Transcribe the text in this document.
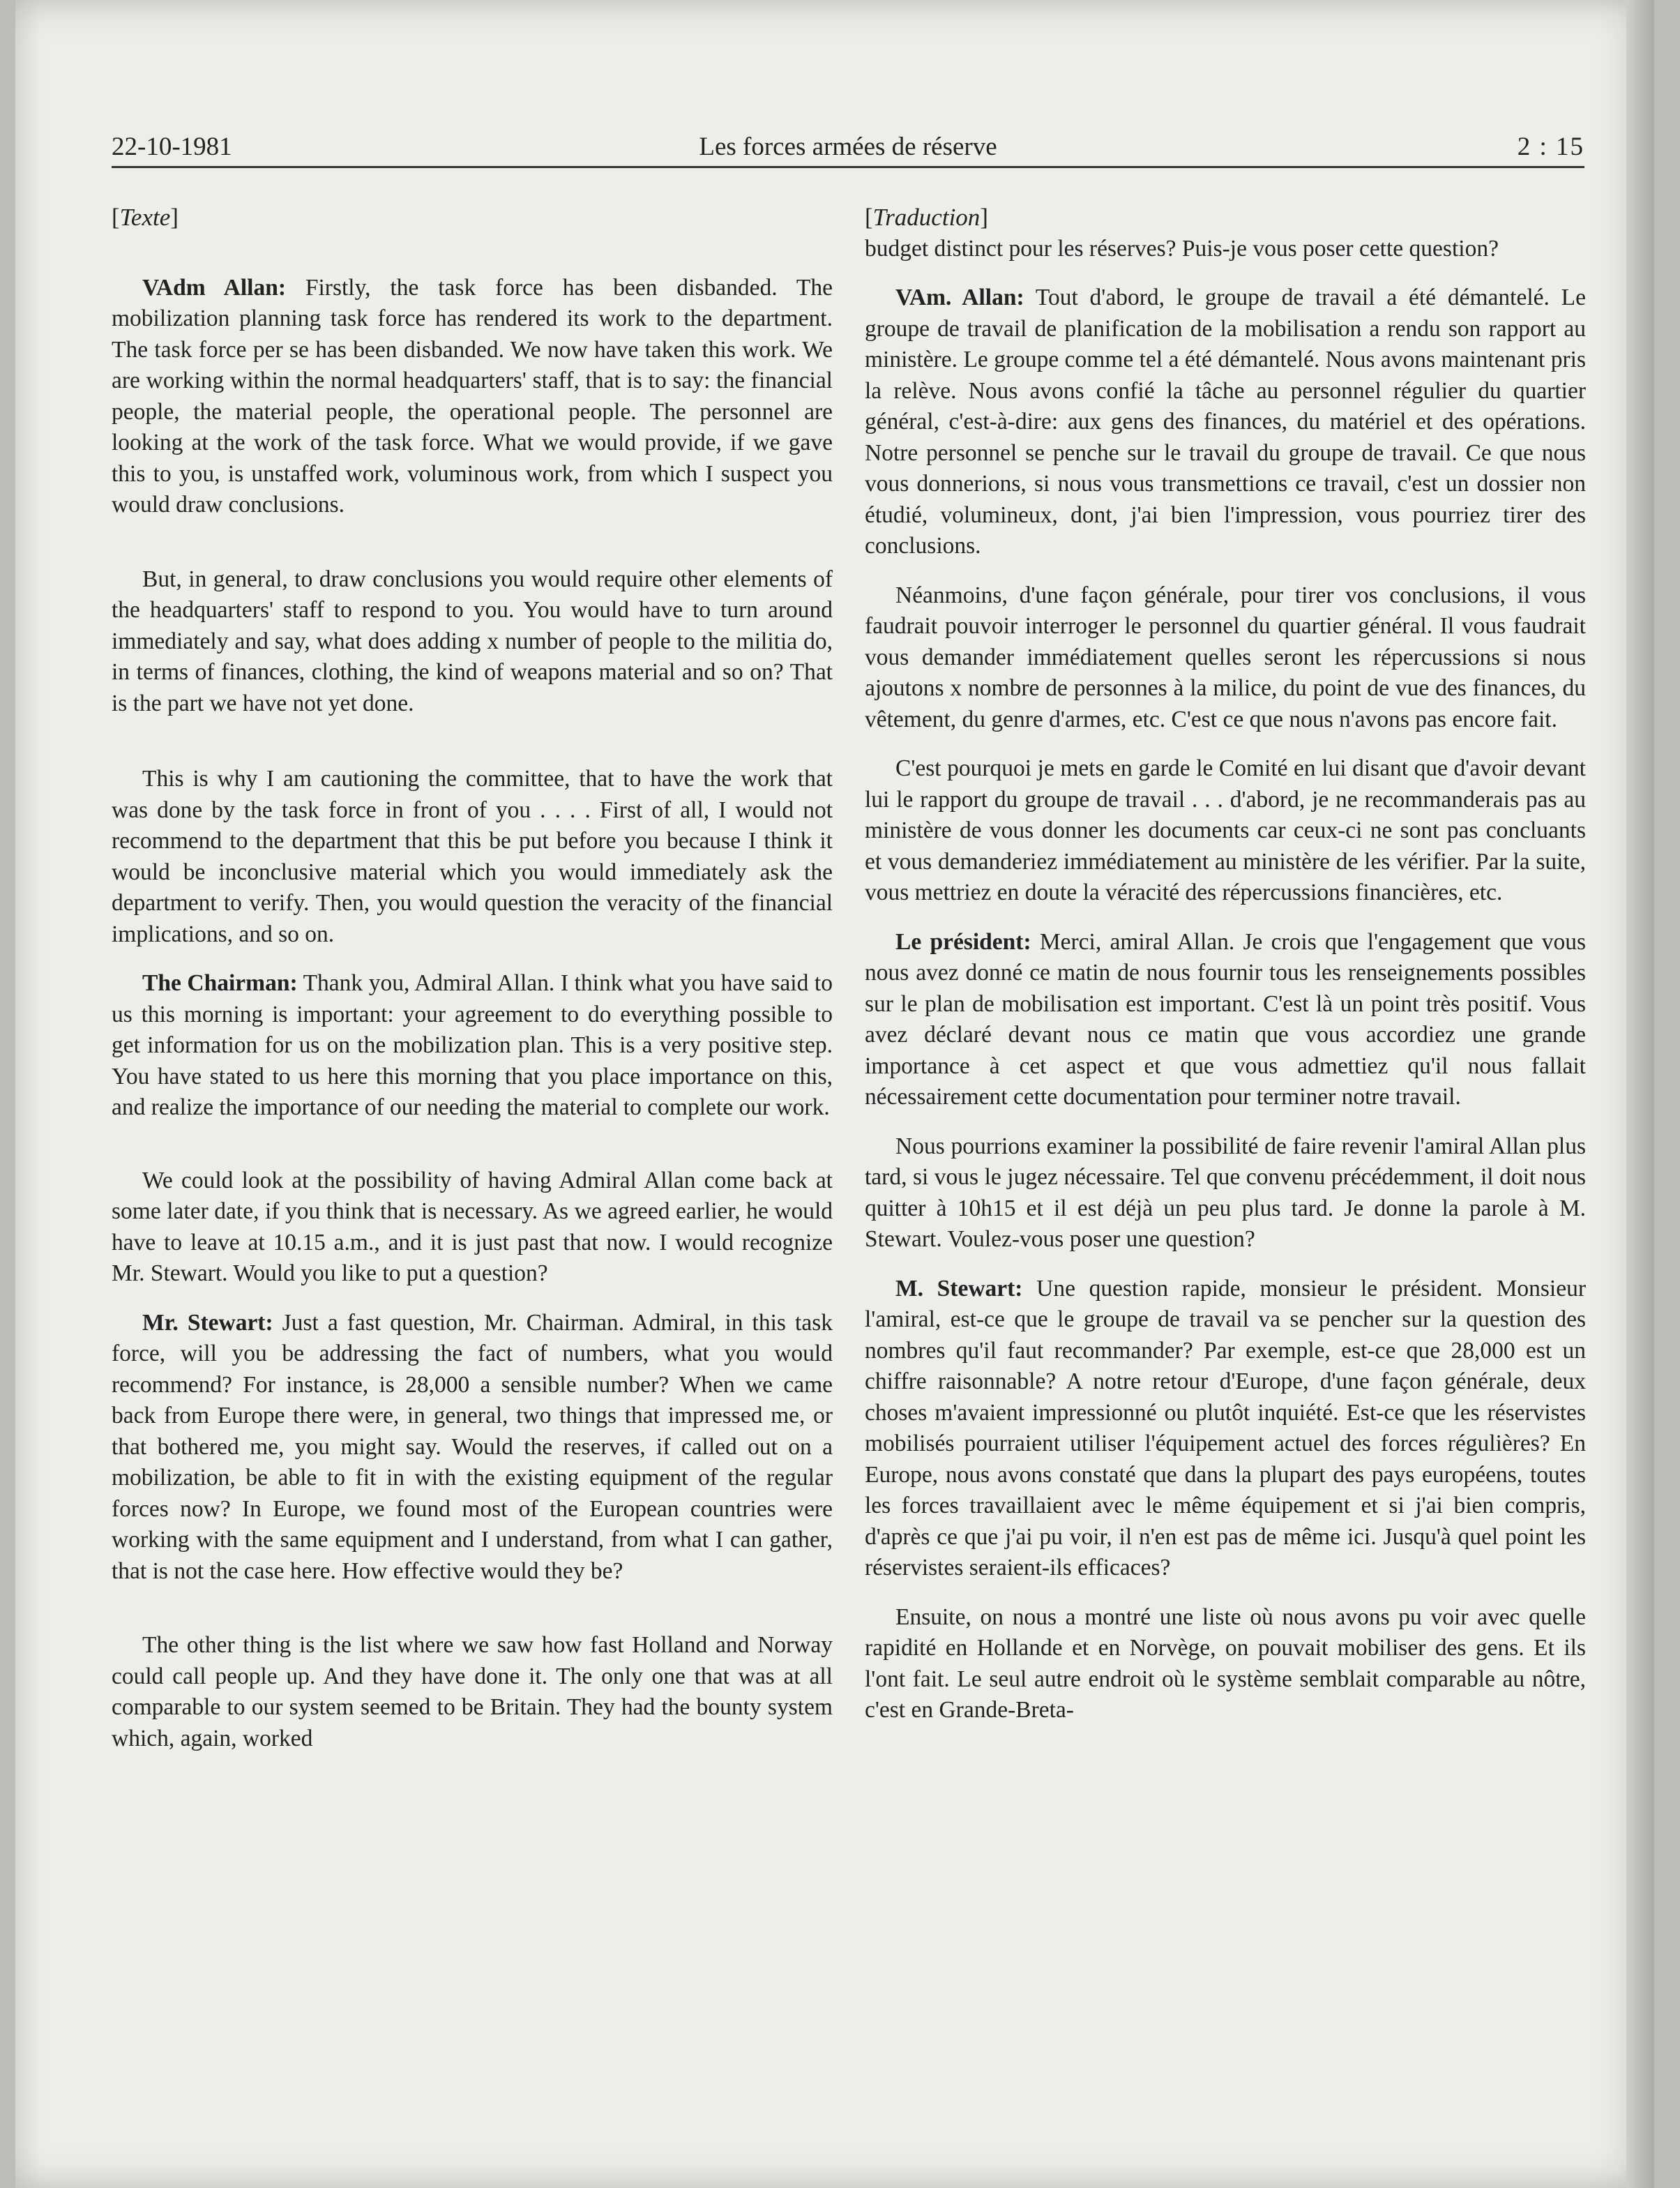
22-10-1981	Les forces armées de réserve	2 : 15
[Texte]

VAdm Allan: Firstly, the task force has been disbanded. The mobilization planning task force has rendered its work to the department. The task force per se has been disbanded. We now have taken this work. We are working within the normal headquarters' staff, that is to say: the financial people, the material people, the operational people. The personnel are looking at the work of the task force. What we would provide, if we gave this to you, is unstaffed work, voluminous work, from which I suspect you would draw conclusions.

But, in general, to draw conclusions you would require other elements of the headquarters' staff to respond to you. You would have to turn around immediately and say, what does adding x number of people to the militia do, in terms of finances, clothing, the kind of weapons material and so on? That is the part we have not yet done.

This is why I am cautioning the committee, that to have the work that was done by the task force in front of you . . . . First of all, I would not recommend to the department that this be put before you because I think it would be inconclusive material which you would immediately ask the department to verify. Then, you would question the veracity of the financial implications, and so on.

The Chairman: Thank you, Admiral Allan. I think what you have said to us this morning is important: your agreement to do everything possible to get information for us on the mobilization plan. This is a very positive step. You have stated to us here this morning that you place importance on this, and realize the importance of our needing the material to complete our work.

We could look at the possibility of having Admiral Allan come back at some later date, if you think that is necessary. As we agreed earlier, he would have to leave at 10.15 a.m., and it is just past that now. I would recognize Mr. Stewart. Would you like to put a question?

Mr. Stewart: Just a fast question, Mr. Chairman. Admiral, in this task force, will you be addressing the fact of numbers, what you would recommend? For instance, is 28,000 a sensible number? When we came back from Europe there were, in general, two things that impressed me, or that bothered me, you might say. Would the reserves, if called out on a mobilization, be able to fit in with the existing equipment of the regular forces now? In Europe, we found most of the European countries were working with the same equipment and I understand, from what I can gather, that is not the case here. How effective would they be?

The other thing is the list where we saw how fast Holland and Norway could call people up. And they have done it. The only one that was at all comparable to our system seemed to be Britain. They had the bounty system which, again, worked

[Traduction]

budget distinct pour les réserves? Puis-je vous poser cette question?

VAm. Allan: Tout d'abord, le groupe de travail a été démantelé. Le groupe de travail de planification de la mobilisation a rendu son rapport au ministère. Le groupe comme tel a été démantelé. Nous avons maintenant pris la relève. Nous avons confié la tâche au personnel régulier du quartier général, c'est-à-dire: aux gens des finances, du matériel et des opérations. Notre personnel se penche sur le travail du groupe de travail. Ce que nous vous donnerions, si nous vous transmettions ce travail, c'est un dossier non étudié, volumineux, dont, j'ai bien l'impression, vous pourriez tirer des conclusions.

Néanmoins, d'une façon générale, pour tirer vos conclusions, il vous faudrait pouvoir interroger le personnel du quartier général. Il vous faudrait vous demander immédiatement quelles seront les répercussions si nous ajoutons x nombre de personnes à la milice, du point de vue des finances, du vêtement, du genre d'armes, etc. C'est ce que nous n'avons pas encore fait.

C'est pourquoi je mets en garde le Comité en lui disant que d'avoir devant lui le rapport du groupe de travail . . . d'abord, je ne recommanderais pas au ministère de vous donner les documents car ceux-ci ne sont pas concluants et vous demanderiez immédiatement au ministère de les vérifier. Par la suite, vous mettriez en doute la véracité des répercussions financières, etc.

Le président: Merci, amiral Allan. Je crois que l'engagement que vous nous avez donné ce matin de nous fournir tous les renseignements possibles sur le plan de mobilisation est important. C'est là un point très positif. Vous avez déclaré devant nous ce matin que vous accordiez une grande importance à cet aspect et que vous admettiez qu'il nous fallait nécessairement cette documentation pour terminer notre travail.

Nous pourrions examiner la possibilité de faire revenir l'amiral Allan plus tard, si vous le jugez nécessaire. Tel que convenu précédemment, il doit nous quitter à 10h15 et il est déjà un peu plus tard. Je donne la parole à M. Stewart. Voulez-vous poser une question?

M. Stewart: Une question rapide, monsieur le président. Monsieur l'amiral, est-ce que le groupe de travail va se pencher sur la question des nombres qu'il faut recommander? Par exemple, est-ce que 28,000 est un chiffre raisonnable? A notre retour d'Europe, d'une façon générale, deux choses m'avaient impressionné ou plutôt inquiété. Est-ce que les réservistes mobilisés pourraient utiliser l'équipement actuel des forces régulières? En Europe, nous avons constaté que dans la plupart des pays européens, toutes les forces travaillaient avec le même équipement et si j'ai bien compris, d'après ce que j'ai pu voir, il n'en est pas de même ici. Jusqu'à quel point les réservistes seraient-ils efficaces?

Ensuite, on nous a montré une liste où nous avons pu voir avec quelle rapidité en Hollande et en Norvège, on pouvait mobiliser des gens. Et ils l'ont fait. Le seul autre endroit où le système semblait comparable au nôtre, c'est en Grande-Breta-
